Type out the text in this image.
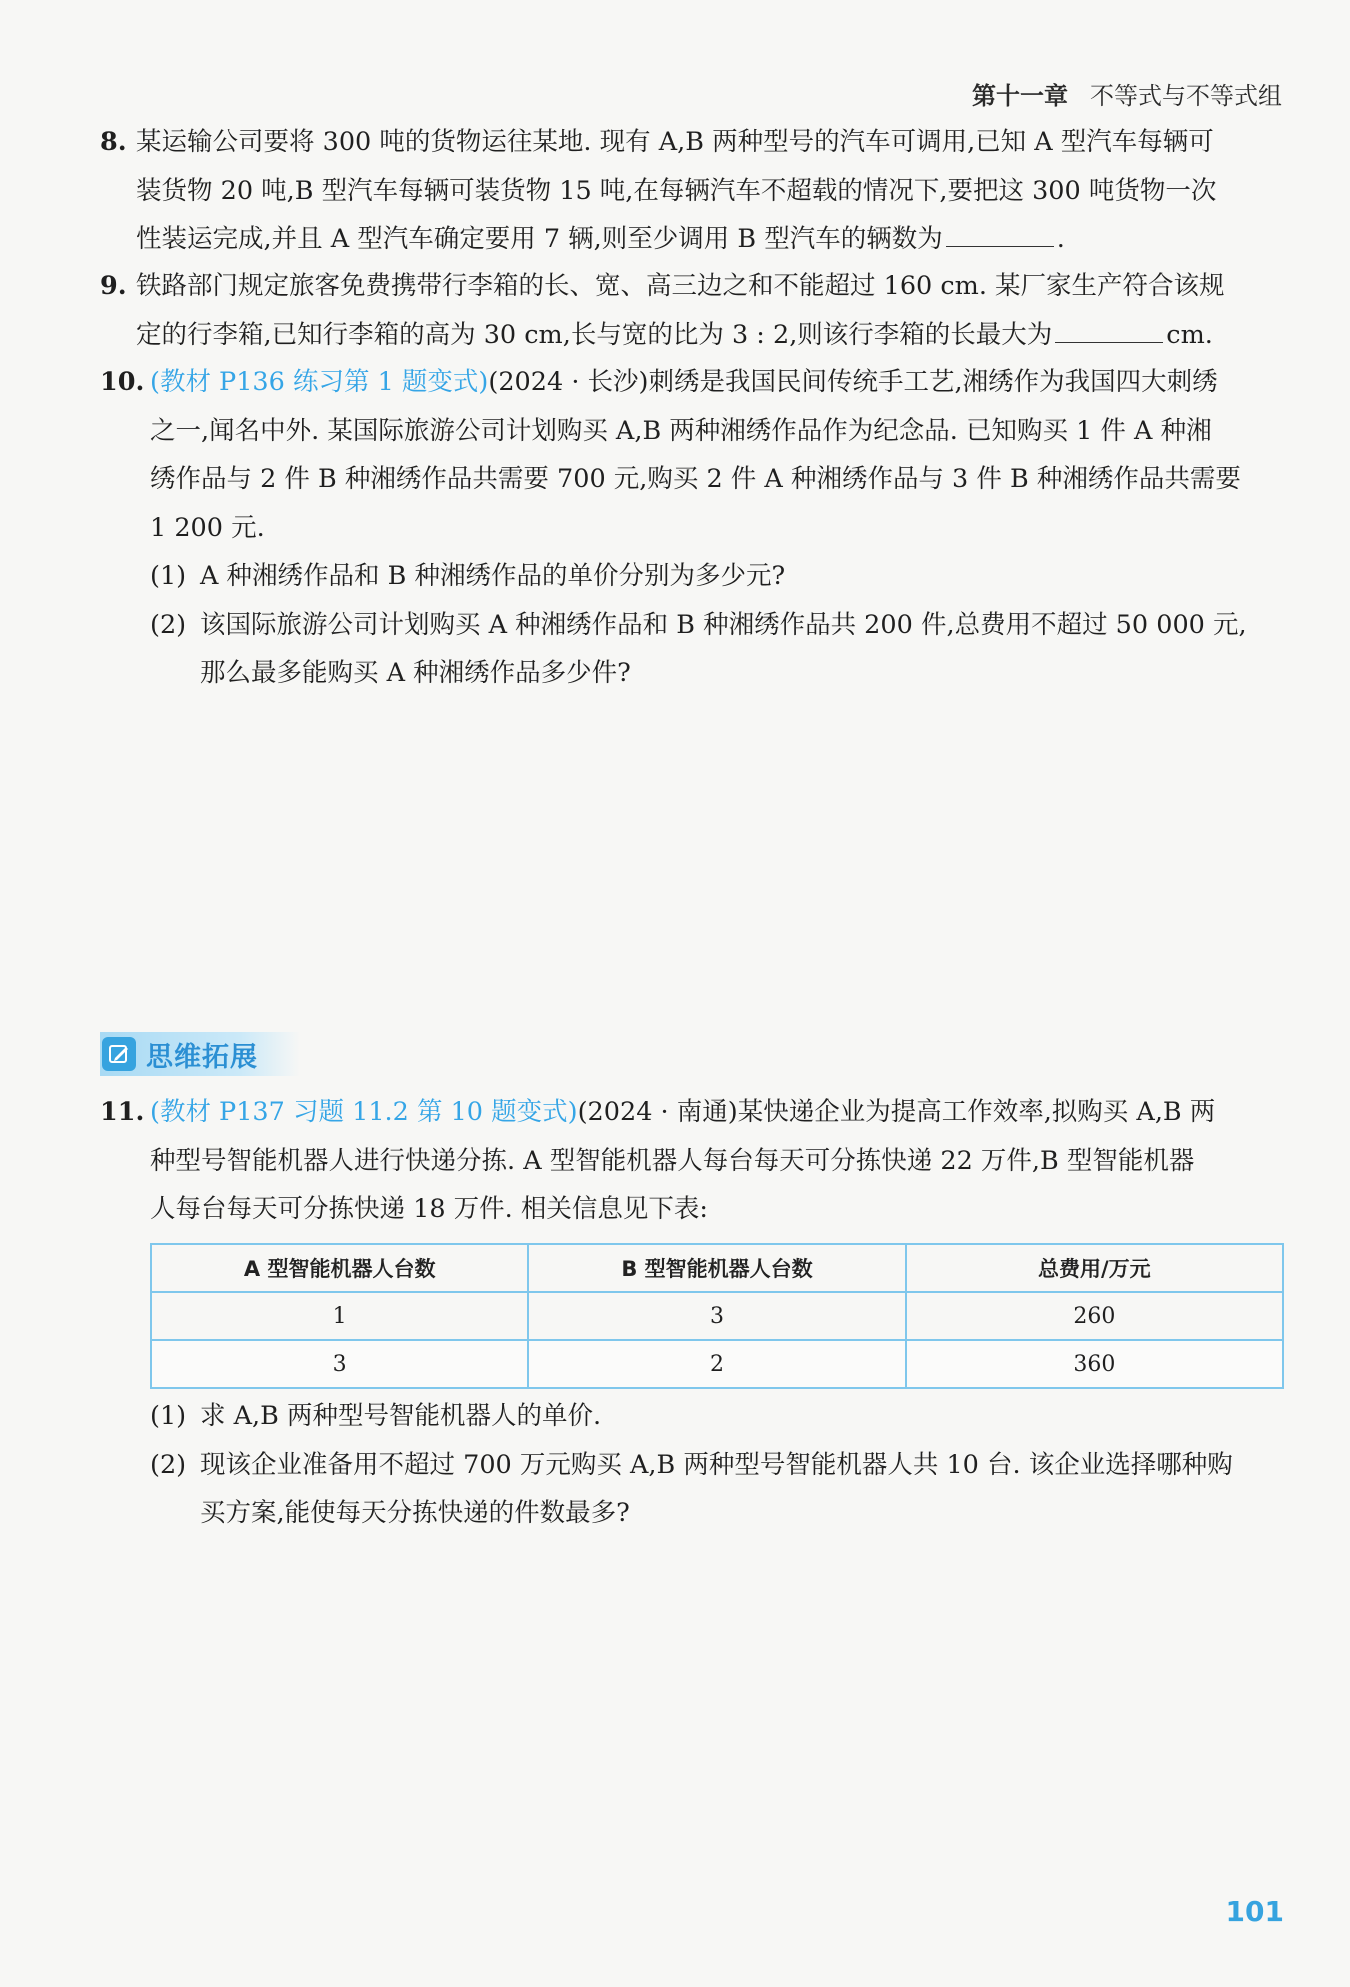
第十一章 不等式与不等式组
8. 某运输公司要将 300 吨的货物运往某地. 现有 A,B 两种型号的汽车可调用,已知 A 型汽车每辆可
装货物 20 吨,B 型汽车每辆可装货物 15 吨,在每辆汽车不超载的情况下,要把这 300 吨货物一次
性装运完成,并且 A 型汽车确定要用 7 辆,则至少调用 B 型汽车的辆数为	.
9. 铁路部门规定旅客免费携带行李箱的长、宽、高三边之和不能超过 160 cm. 某厂家生产符合该规
定的行李箱,已知行李箱的高为 30 cm,长与宽的比为 3 : 2,则该行李箱的长最大为	cm.
10. (教材 P136 练习第 1 题变式)(2024 · 长沙)刺绣是我国民间传统手工艺,湘绣作为我国四大刺绣
之一,闻名中外. 某国际旅游公司计划购买 A,B 两种湘绣作品作为纪念品. 已知购买 1 件 A 种湘
绣作品与 2 件 B 种湘绣作品共需要 700 元,购买 2 件 A 种湘绣作品与 3 件 B 种湘绣作品共需要
1 200 元.
(1) A 种湘绣作品和 B 种湘绣作品的单价分别为多少元?
(2) 该国际旅游公司计划购买 A 种湘绣作品和 B 种湘绣作品共 200 件,总费用不超过 50 000 元,
那么最多能购买 A 种湘绣作品多少件?
思维拓展
11. (教材 P137 习题 11.2 第 10 题变式)(2024 · 南通)某快递企业为提高工作效率,拟购买 A,B 两
种型号智能机器人进行快递分拣. A 型智能机器人每台每天可分拣快递 22 万件,B 型智能机器
人每台每天可分拣快递 18 万件. 相关信息见下表:
A 型智能机器人台数	B 型智能机器人台数	总费用/万元
1	3	260
3	2	360
(1) 求 A,B 两种型号智能机器人的单价.
(2) 现该企业准备用不超过 700 万元购买 A,B 两种型号智能机器人共 10 台. 该企业选择哪种购
买方案,能使每天分拣快递的件数最多?
101
